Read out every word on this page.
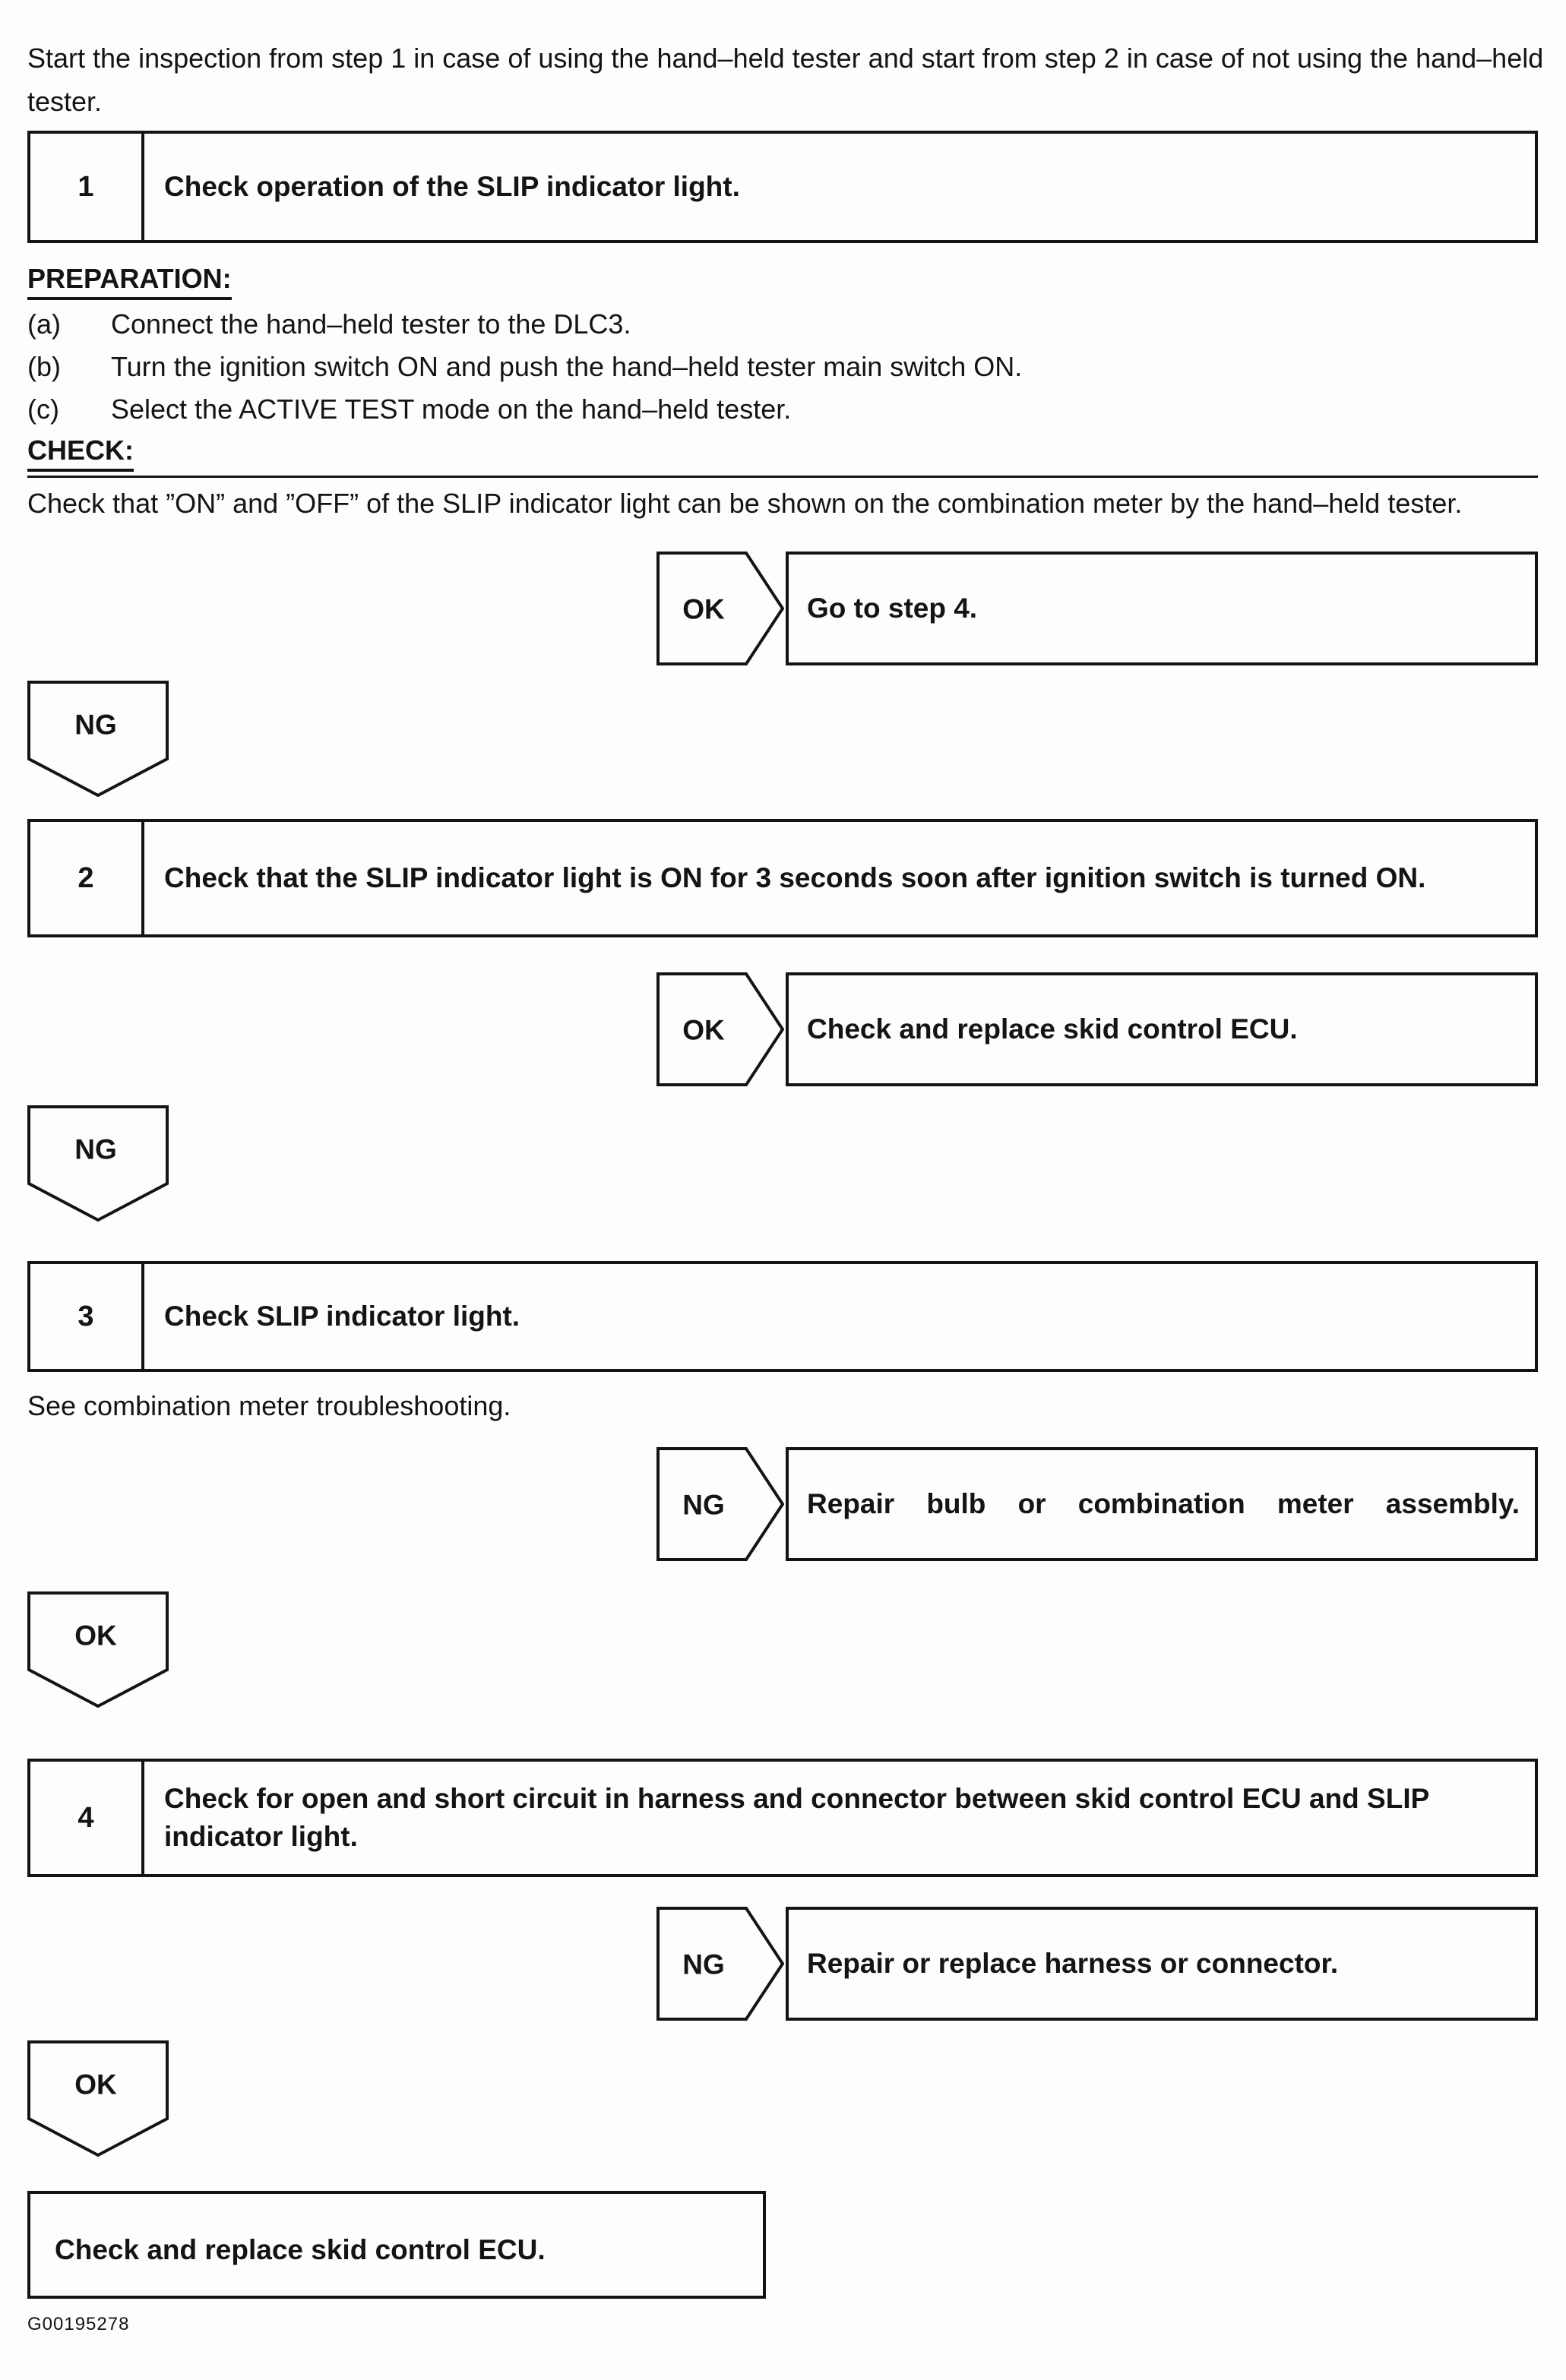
Start the inspection from step 1 in case of using the hand–held tester and start from step 2 in case of not using the hand–held tester.

1	Check operation of the SLIP indicator light.
PREPARATION:
(a)	Connect the hand–held tester to the DLC3.
(b)	Turn the ignition switch ON and push the hand–held tester main switch ON.
(c)	Select the ACTIVE TEST mode on the hand–held tester.
CHECK:
Check that ”ON” and ”OFF” of the SLIP indicator light can be shown on the combination meter by the hand–held tester.
OK	Go to step 4.
NG
2	Check that the SLIP indicator light is ON for 3 seconds soon after ignition switch is turned ON.
OK	Check and replace skid control ECU.
NG
3	Check SLIP indicator light.
See combination meter troubleshooting.
NG	Repair bulb or combination meter assembly.
OK
4
Check for open and short circuit in harness and connector between skid control ECU and SLIP indicator light.
NG	Repair or replace harness or connector.
OK
Check and replace skid control ECU.
G00195278
